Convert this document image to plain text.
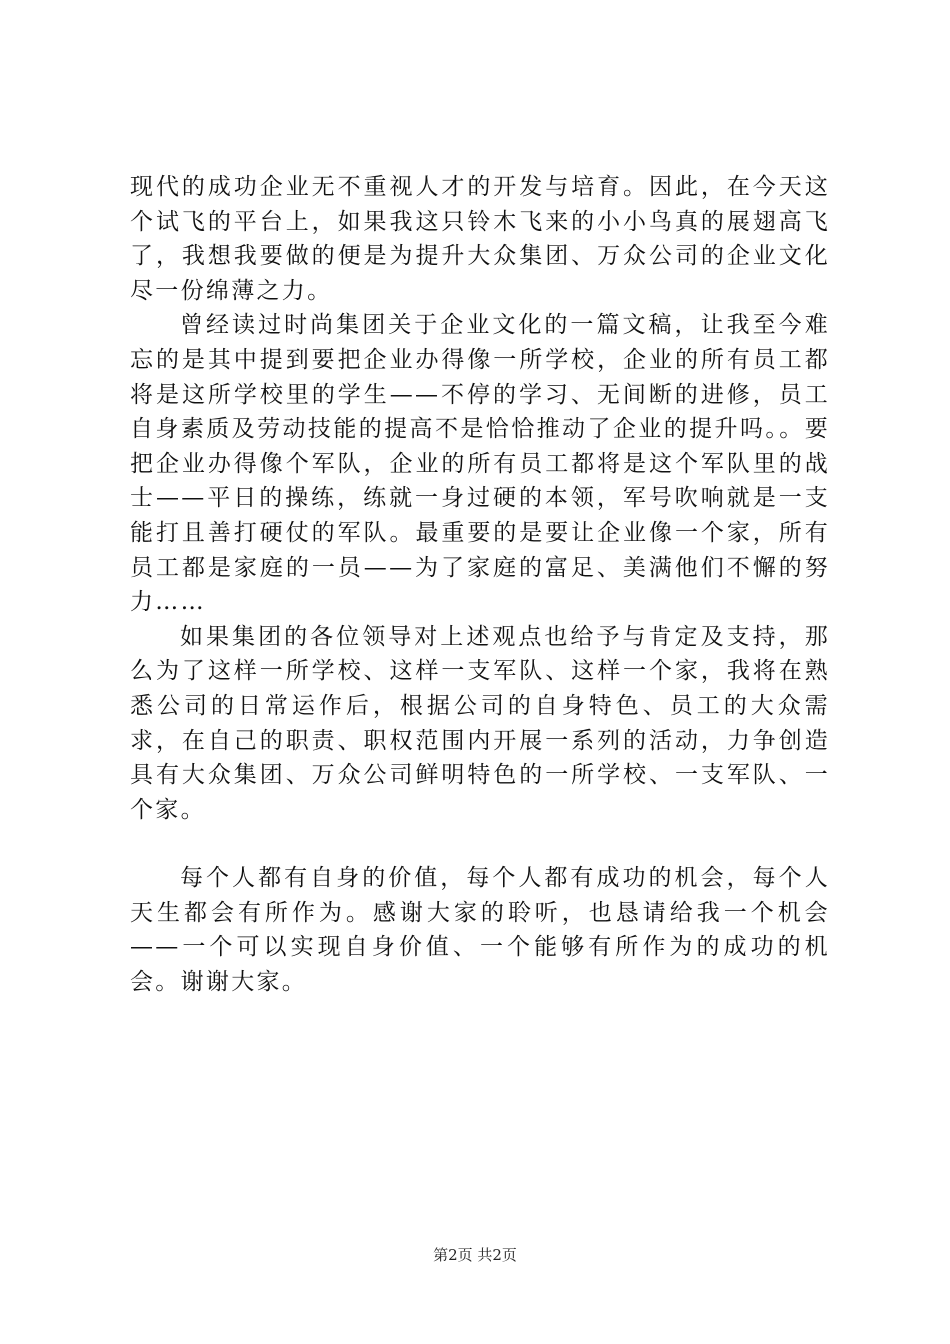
现代的成功企业无不重视人才的开发与培育。因此，在今天这个试飞的平台上，如果我这只铃木飞来的小小鸟真的展翅高飞了，我想我要做的便是为提升大众集团、万众公司的企业文化尽一份绵薄之力。

曾经读过时尚集团关于企业文化的一篇文稿，让我至今难忘的是其中提到要把企业办得像一所学校，企业的所有员工都将是这所学校里的学生——不停的学习、无间断的进修，员工自身素质及劳动技能的提高不是恰恰推动了企业的提升吗。。要把企业办得像个军队，企业的所有员工都将是这个军队里的战士——平日的操练，练就一身过硬的本领，军号吹响就是一支能打且善打硬仗的军队。最重要的是要让企业像一个家，所有员工都是家庭的一员——为了家庭的富足、美满他们不懈的努力……

如果集团的各位领导对上述观点也给予与肯定及支持，那么为了这样一所学校、这样一支军队、这样一个家，我将在熟悉公司的日常运作后，根据公司的自身特色、员工的大众需求，在自己的职责、职权范围内开展一系列的活动，力争创造具有大众集团、万众公司鲜明特色的一所学校、一支军队、一个家。

每个人都有自身的价值，每个人都有成功的机会，每个人天生都会有所作为。感谢大家的聆听，也恳请给我一个机会——一个可以实现自身价值、一个能够有所作为的成功的机会。谢谢大家。

第2页 共2页
